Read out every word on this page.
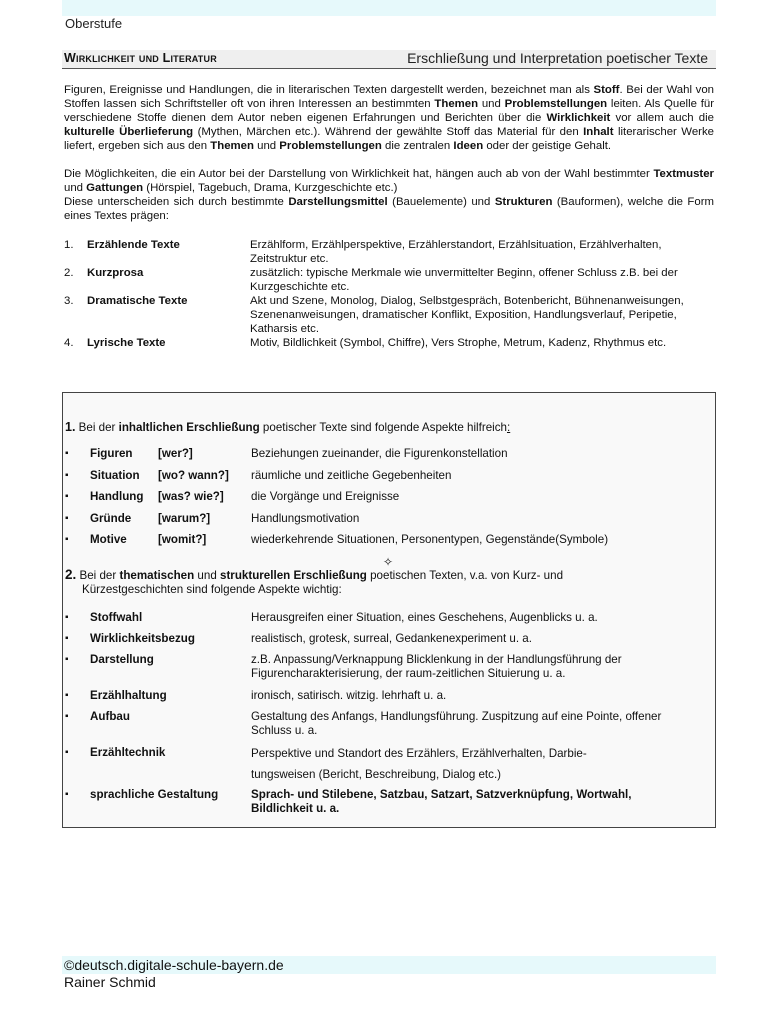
Oberstufe
Wirklichkeit und Literatur	Erschließung und Interpretation poetischer Texte

Figuren, Ereignisse und Handlungen, die in literarischen Texten dargestellt werden, bezeichnet man als Stoff. Bei der Wahl von Stoffen lassen sich Schriftsteller oft von ihren Interessen an bestimmten Themen und Problemstellungen leiten. Als Quelle für verschiedene Stoffe dienen dem Autor neben eigenen Erfahrungen und Berichten über die Wirklichkeit vor allem auch die kulturelle Überlieferung (Mythen, Märchen etc.). Während der gewählte Stoff das Material für den Inhalt literarischer Werke liefert, ergeben sich aus den Themen und Problemstellungen die zentralen Ideen oder der geistige Gehalt.

Die Möglichkeiten, die ein Autor bei der Darstellung von Wirklichkeit hat, hängen auch ab von der Wahl bestimmter Textmuster und Gattungen (Hörspiel, Tagebuch, Drama, Kurzgeschichte etc.)
Diese unterscheiden sich durch bestimmte Darstellungsmittel (Bauelemente) und Strukturen (Bauformen), welche die Form eines Textes prägen:

1.	Erzählende Texte	Erzählform, Erzählperspektive, Erzählerstandort, Erzählsituation, Erzählverhalten, Zeitstruktur etc.
2.	Kurzprosa	zusätzlich: typische Merkmale wie unvermittelter Beginn, offener Schluss z.B. bei der Kurzgeschichte etc.
3.	Dramatische Texte	Akt und Szene, Monolog, Dialog, Selbstgespräch, Botenbericht, Bühnenanweisungen, Szenenanweisungen, dramatischer Konflikt, Exposition, Handlungsverlauf, Peripetie, Katharsis etc.
4.	Lyrische Texte	Motiv, Bildlichkeit (Symbol, Chiffre), Vers Strophe, Metrum, Kadenz, Rhythmus etc.
1. Bei der inhaltlichen Erschließung poetischer Texte sind folgende Aspekte hilfreich:
▪	Figuren [wer?]	Beziehungen zueinander, die Figurenkonstellation
▪	Situation [wo? wann?] räumliche und zeitliche Gegebenheiten
▪	Handlung [was? wie?] die Vorgänge und Ereignisse
▪	Gründe [warum?]	Handlungsmotivation
▪	Motive	[womit?]	wiederkehrende Situationen, Personentypen, Gegenstände(Symbole)
✧
2. Bei der thematischen und strukturellen Erschließung poetischen Texten, v.a. von Kurz- und
Kürzestgeschichten sind folgende Aspekte wichtig:
▪	Stoffwahl	Herausgreifen einer Situation, eines Geschehens, Augenblicks u. a.
▪	Wirklichkeitsbezug	realistisch, grotesk, surreal, Gedankenexperiment u. a.
▪	Darstellung	z.B. Anpassung/Verknappung Blicklenkung in der Handlungsführung der Figurencharakterisierung, der raum-zeitlichen Situierung u. a.
▪	Erzählhaltung	ironisch, satirisch. witzig. lehrhaft u. a.
▪	Aufbau	Gestaltung des Anfangs, Handlungsführung. Zuspitzung auf eine Pointe, offener Schluss u. a.
▪	Erzähltechnik	Perspektive und Standort des Erzählers, Erzählverhalten, Darbie-
tungsweisen (Bericht, Beschreibung, Dialog etc.)
▪	sprachliche Gestaltung	Sprach- und Stilebene, Satzbau, Satzart, Satzverknüpfung, Wortwahl, Bildlichkeit u. a.
©deutsch.digitale-schule-bayern.de
Rainer Schmid
